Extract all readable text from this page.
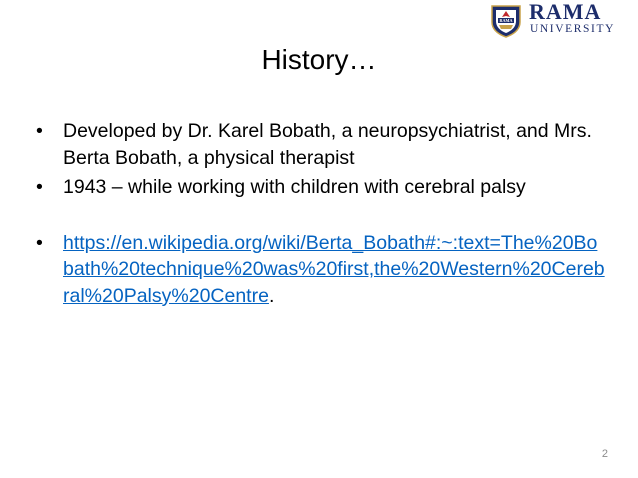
RAMA RAMA
UNIVERSITY
History…
•	Developed by Dr. Karel Bobath, a neuropsychiatrist, and Mrs. Berta Bobath, a physical therapist
•	1943 – while working with children with cerebral palsy
•	https://en.wikipedia.org/wiki/Berta_Bobath#:~:text=The%20Bobath%20technique%20was%20first,the%20Western%20Cerebral%20Palsy%20Centre.
2
